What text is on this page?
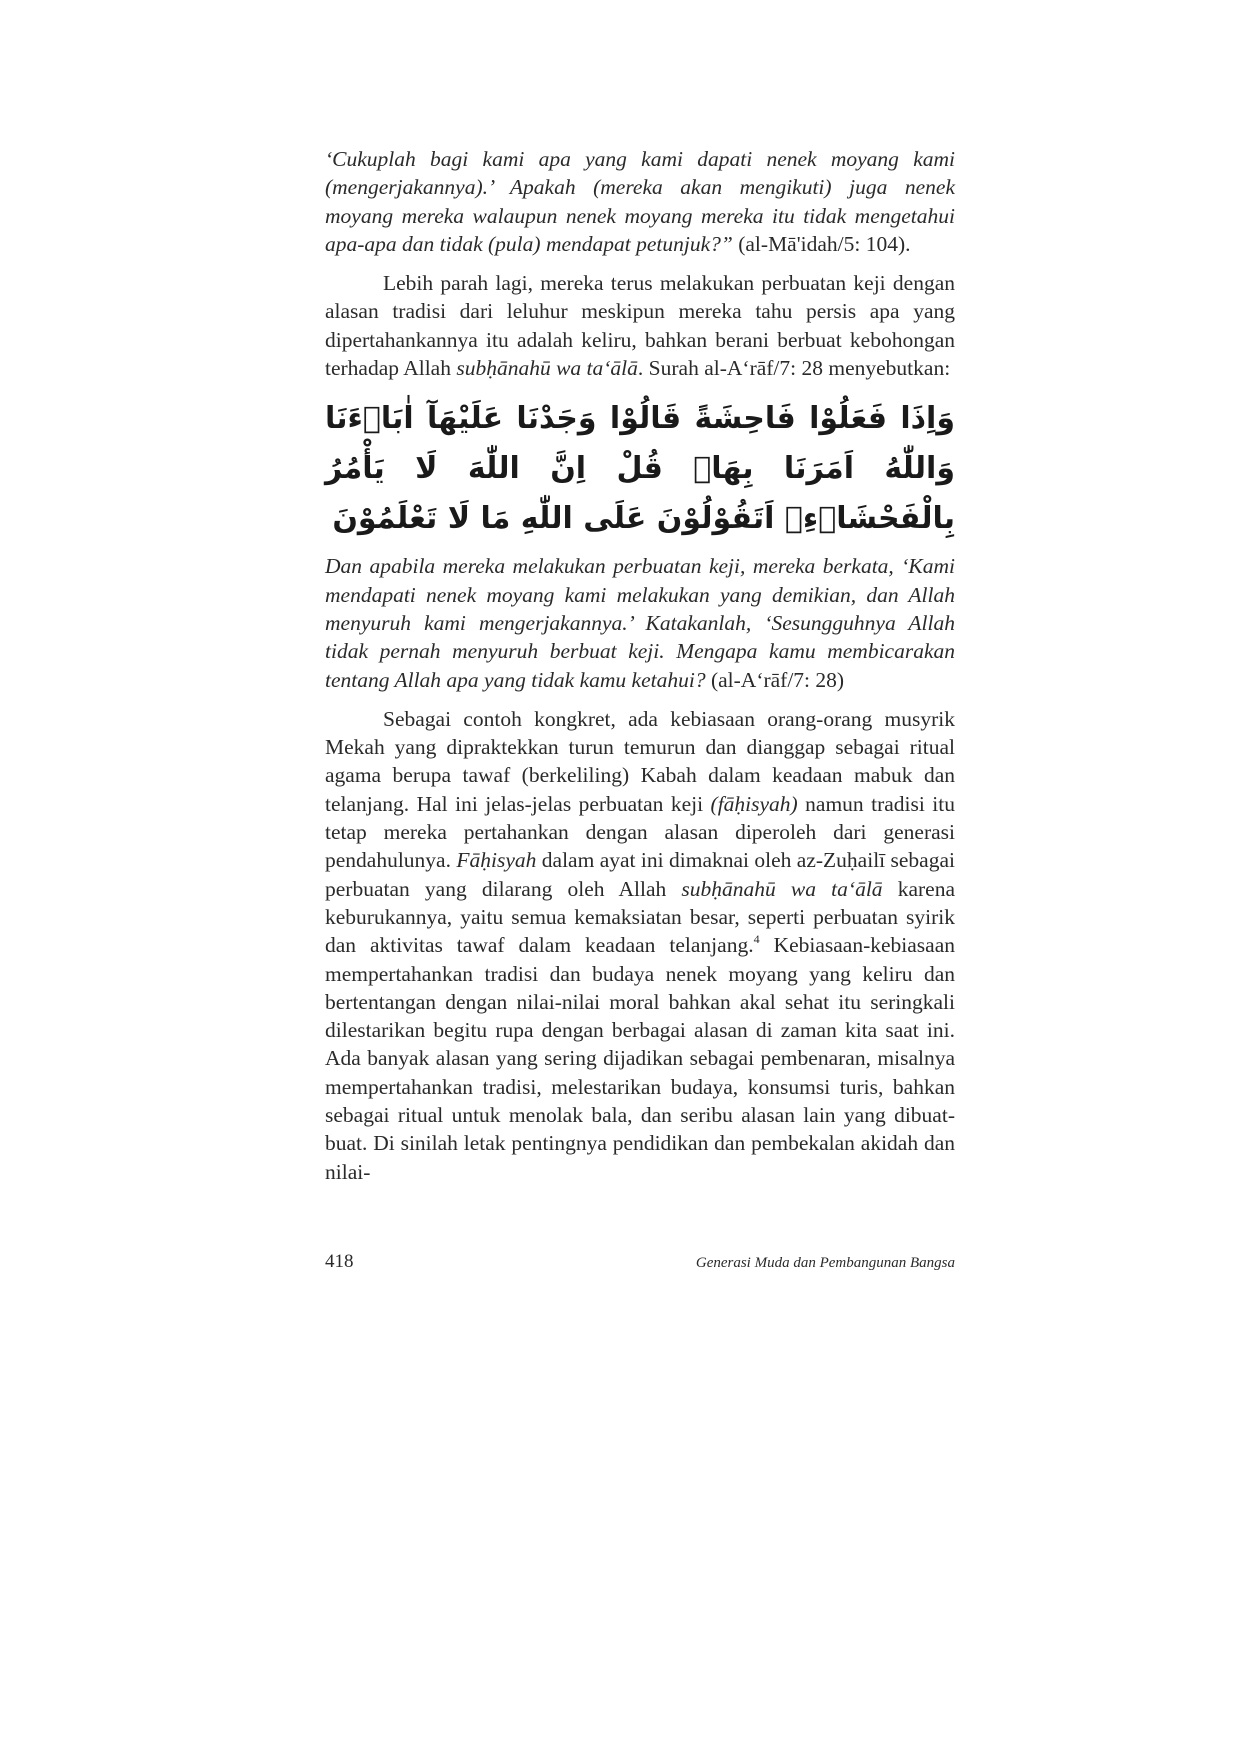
‘Cukuplah bagi kami apa yang kami dapati nenek moyang kami (mengerjakannya).’ Apakah (mereka akan mengikuti) juga nenek moyang mereka walaupun nenek moyang mereka itu tidak mengetahui apa-apa dan tidak (pula) mendapat petunjuk?” (al-Mā'idah/5: 104).

Lebih parah lagi, mereka terus melakukan perbuatan keji dengan alasan tradisi dari leluhur meskipun mereka tahu persis apa yang dipertahankannya itu adalah keliru, bahkan berani berbuat kebohongan terhadap Allah subḥānahū wa ta‘ālā. Surah al-A‘rāf/7: 28 menyebutkan:

وَاِذَا فَعَلُوْا فَاحِشَةً قَالُوْا وَجَدْنَا عَلَيْهَآ اٰبَاۤءَنَا وَاللّٰهُ اَمَرَنَا بِهَاۗ قُلْ اِنَّ اللّٰهَ لَا يَأْمُرُ
بِالْفَحْشَاۤءِۗ اَتَقُوْلُوْنَ عَلَى اللّٰهِ مَا لَا تَعْلَمُوْنَ

Dan apabila mereka melakukan perbuatan keji, mereka berkata, ‘Kami mendapati nenek moyang kami melakukan yang demikian, dan Allah menyuruh kami mengerjakannya.’ Katakanlah, ‘Sesungguhnya Allah tidak pernah menyuruh berbuat keji. Mengapa kamu membicarakan tentang Allah apa yang tidak kamu ketahui? (al-A‘rāf/7: 28)

Sebagai contoh kongkret, ada kebiasaan orang-orang musyrik Mekah yang dipraktekkan turun temurun dan dianggap sebagai ritual agama berupa tawaf (berkeliling) Kabah dalam keadaan mabuk dan telanjang. Hal ini jelas-jelas perbuatan keji (fāḥisyah) namun tradisi itu tetap mereka pertahankan dengan alasan diperoleh dari generasi pendahulunya. Fāḥisyah dalam ayat ini dimaknai oleh az-Zuḥailī sebagai perbuatan yang dilarang oleh Allah subḥānahū wa ta‘ālā karena keburukannya, yaitu semua kemaksiatan besar, seperti perbuatan syirik dan aktivitas tawaf dalam keadaan telanjang.$^4$ Kebiasaan-kebiasaan mempertahankan tradisi dan budaya nenek moyang yang keliru dan bertentangan dengan nilai-nilai moral bahkan akal sehat itu seringkali dilestarikan begitu rupa dengan berbagai alasan di zaman kita saat ini. Ada banyak alasan yang sering dijadikan sebagai pembenaran, misalnya mempertahankan tradisi, melestarikan budaya, konsumsi turis, bahkan sebagai ritual untuk menolak bala, dan seribu alasan lain yang dibuat-buat. Di sinilah letak pentingnya pendidikan dan pembekalan akidah dan nilai-

418	Generasi Muda dan Pembangunan Bangsa
